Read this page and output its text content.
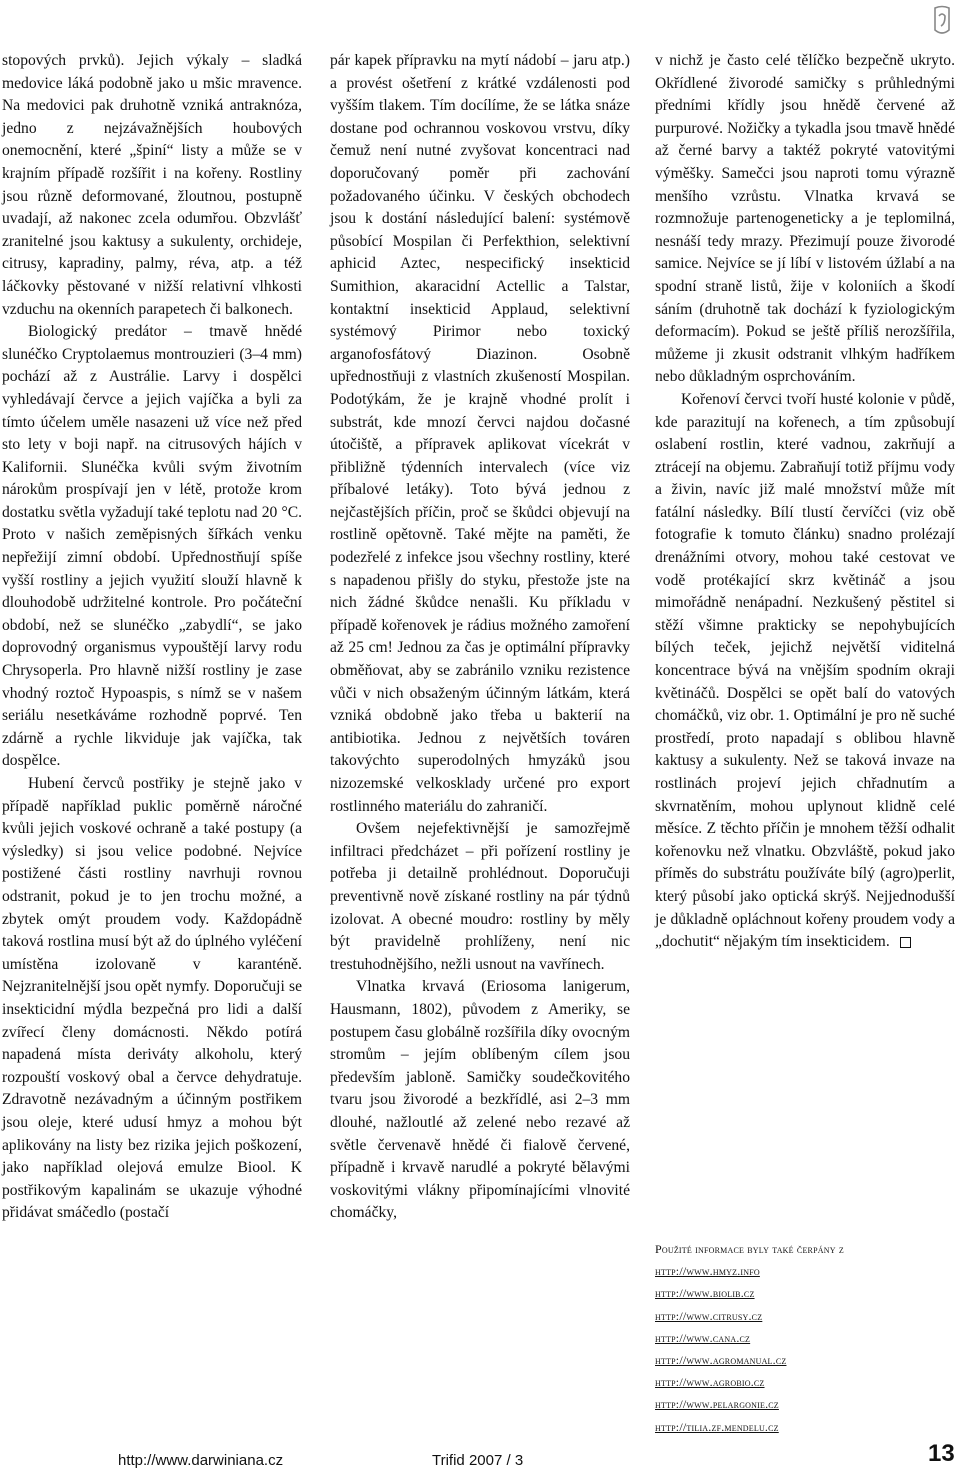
stopových prvků). Jejich výkaly – sladká medovice láká podobně jako u mšic mravence. Na medovici pak druhotně vzniká antraknóza, jedno z nejzávažnějších houbových onemocnění, které „špiní“ listy a může se v krajním případě rozšířit i na kořeny. Rostliny jsou různě deformované, žloutnou, postupně uvadají, až nakonec zcela odumřou. Obzvlášť zranitelné jsou kaktusy a sukulenty, orchideje, citrusy, kapradiny, palmy, réva, atp. a též láčkovky pěstované v nižší relativní vlhkosti vzduchu na okenních parapetech či balkonech.

Biologický predátor – tmavě hnědé slunéčko Cryptolaemus montrouzieri (3–4 mm) pochází až z Austrálie. Larvy i dospělci vyhledávají červce a jejich vajíčka a byli za tímto účelem uměle nasazeni už více než před sto lety v boji např. na citrusových hájích v Kalifornii. Slunéčka kvůli svým životním nárokům prospívají jen v létě, protože krom dostatku světla vyžadují také teplotu nad 20 °C. Proto v našich zeměpisných šířkách venku nepřežijí zimní období. Upřednostňují spíše vyšší rostliny a jejich využití slouží hlavně k dlouhodobě udržitelné kontrole. Pro počáteční období, než se slunéčko „zabydlí“, se jako doprovodný organismus vypouštějí larvy rodu Chrysoperla. Pro hlavně nižší rostliny je zase vhodný roztoč Hypoaspis, s nímž se v našem seriálu nesetkáváme rozhodně poprvé. Ten zdárně a rychle likviduje jak vajíčka, tak dospělce.

Hubení červců postřiky je stejně jako v případě například puklic poměrně náročné kvůli jejich voskové ochraně a také postupy (a výsledky) si jsou velice podobné. Nejvíce postižené části rostliny navrhuji rovnou odstranit, pokud je to jen trochu možné, a zbytek omýt proudem vody. Každopádně taková rostlina musí být až do úplného vyléčení umístěna izolovaně v karanténě. Nejzranitelnější jsou opět nymfy. Doporučuji se insekticidní mýdla bezpečná pro lidi a další zvířecí členy domácnosti. Někdo potírá napadená místa deriváty alkoholu, který rozpouští voskový obal a červce dehydratuje. Zdravotně nezávadným a účinným postřikem jsou oleje, které udusí hmyz a mohou být aplikovány na listy bez rizika jejich poškození, jako například olejová emulze Biool. K postřikovým kapalinám se ukazuje výhodné přidávat smáčedlo (postačí

pár kapek přípravku na mytí nádobí – jaru atp.) a provést ošetření z krátké vzdálenosti pod vyšším tlakem. Tím docílíme, že se látka snáze dostane pod ochrannou voskovou vrstvu, díky čemuž není nutné zvyšovat koncentraci nad doporučovaný poměr při zachování požadovaného účinku. V českých obchodech jsou k dostání následující balení: systémově působící Mospilan či Perfekthion, selektivní aphicid Aztec, nespecifický insekticid Sumithion, akaracidní Actellic a Talstar, kontaktní insekticid Applaud, selektivní systémový Pirimor nebo toxický arganofosfátový Diazinon. Osobně upřednostňuji z vlastních zkušeností Mospilan. Podotýkám, že je krajně vhodné prolít i substrát, kde mnozí červci najdou dočasné útočiště, a přípravek aplikovat vícekrát v přibližně týdenních intervalech (více viz příbalové letáky). Toto bývá jednou z nejčastějších příčin, proč se škůdci objevují na rostlině opětovně. Také mějte na paměti, že podezřelé z infekce jsou všechny rostliny, které s napadenou přišly do styku, přestože jste na nich žádné škůdce nenašli. Ku příkladu v případě kořenovek je rádius možného zamoření až 25 cm! Jednou za čas je optimální přípravky obměňovat, aby se zabránilo vzniku rezistence vůči v nich obsaženým účinným látkám, která vzniká obdobně jako třeba u bakterií na antibiotika. Jednou z největších továren takovýchto superodolných hmyzáků jsou nizozemské velkosklady určené pro export rostlinného materiálu do zahraničí.

Ovšem nejefektivnější je samozřejmě infiltraci předcházet – při pořízení rostliny je potřeba ji detailně prohlédnout. Doporučuji preventivně nově získané rostliny na pár týdnů izolovat. A obecné moudro: rostliny by měly být pravidelně prohlíženy, není nic trestuhodnějšího, nežli usnout na vavřínech.

Vlnatka krvavá (Eriosoma lanigerum, Hausmann, 1802), původem z Ameriky, se postupem času globálně rozšířila díky ovocným stromům – jejím oblíbeným cílem jsou především jabloně. Samičky soudečkovitého tvaru jsou živorodé a bezkřídlé, asi 2–3 mm dlouhé, nažloutlé až zelené nebo rezavé až světle červenavě hnědé či fialově červené, případně i krvavě narudlé a pokryté bělavými voskovitými vlákny připomínajícími vlnovité chomáčky,

v nichž je často celé tělíčko bezpečně ukryto. Okřídlené živorodé samičky s průhlednými předními křídly jsou hnědě červené až purpurové. Nožičky a tykadla jsou tmavě hnědé až černé barvy a taktéž pokryté vatovitými výměšky. Samečci jsou naproti tomu výrazně menšího vzrůstu. Vlnatka krvavá se rozmnožuje partenogeneticky a je teplomilná, nesnáší tedy mrazy. Přezimují pouze živorodé samice. Nejvíce se jí líbí v listovém úžlabí a na spodní straně listů, žije v koloniích a škodí sáním (druhotně tak dochází k fyziologickým deformacím). Pokud se ještě příliš nerozšířila, můžeme ji zkusit odstranit vlhkým hadříkem nebo důkladným osprchováním.

Kořenoví červci tvoří husté kolonie v půdě, kde parazitují na kořenech, a tím způsobují oslabení rostlin, které vadnou, zakrňují a ztrácejí na objemu. Zabraňují totiž příjmu vody a živin, navíc již malé množství může mít fatální následky. Bílí tlustí červíčci (viz obě fotografie k tomuto článku) snadno prolézají drenážními otvory, mohou také cestovat ve vodě protékající skrz květináč a jsou mimořádně nenápadní. Nezkušený pěstitel si stěží všimne prakticky se nepohybujících bílých teček, jejichž největší viditelná koncentrace bývá na vnějším spodním okraji květináčů. Dospělci se opět balí do vatových chomáčků, viz obr. 1. Optimální je pro ně suché prostředí, proto napadají s oblibou hlavně kaktusy a sukulenty. Než se taková invaze na rostlinách projeví jejich chřadnutím a skvrnatěním, mohou uplynout klidně celé měsíce. Z těchto příčin je mnohem těžší odhalit kořenovku než vlnatku. Obzvláště, pokud jako příměs do substrátu používáte bílý (agro)perlit, který působí jako optická skrýš. Nejjednodušší je důkladně opláchnout kořeny proudem vody a „dochutit“ nějakým tím insekticidem.

Použité informace byly také čerpány z
http://www.hmyz.info
http://www.biolib.cz
http://www.citrusy.cz
http://www.cana.cz
http://www.agromanual.cz
http://www.agrobio.cz
http://www.pelargonie.cz
http://tilia.zf.mendelu.cz
http://www.darwiniana.cz	Trifid 2007 / 3	13
